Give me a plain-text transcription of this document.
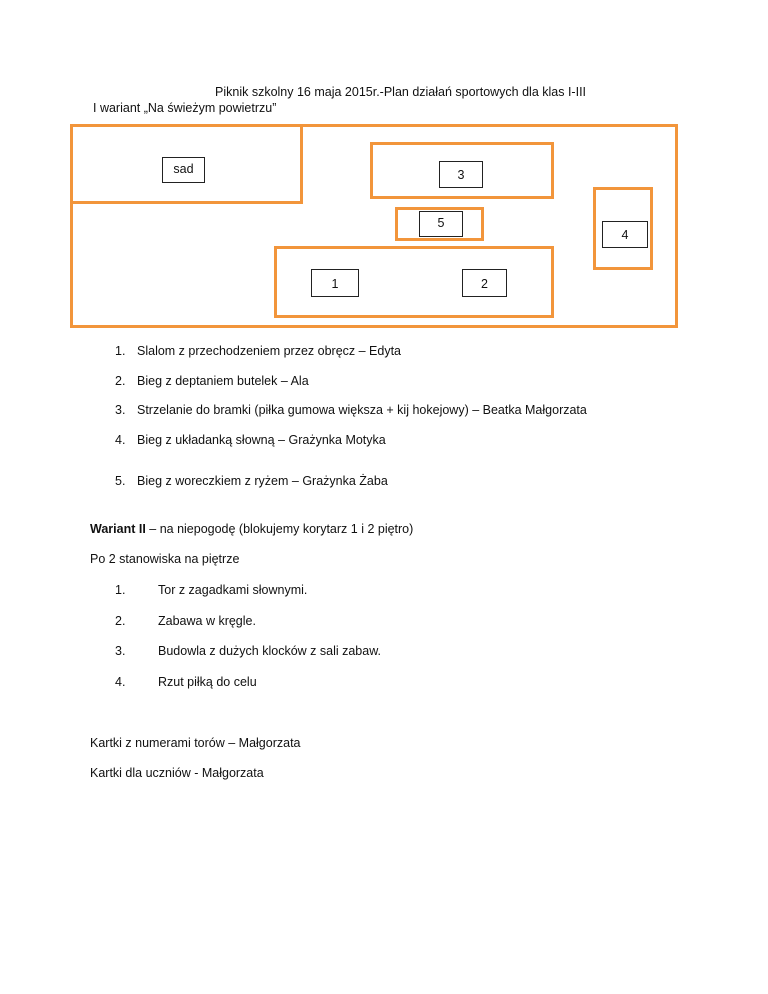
Piknik szkolny 16 maja 2015r.-Plan działań sportowych dla klas I-III
I wariant „Na świeżym powietrzu”
sad	3
5
4
1	2
1. Slalom z przechodzeniem przez obręcz – Edyta
2. Bieg z deptaniem butelek – Ala
3. Strzelanie do bramki (piłka gumowa większa + kij hokejowy) – Beatka Małgorzata
4. Bieg z układanką słowną – Grażynka Motyka
5. Bieg z woreczkiem z ryżem – Grażynka Żaba
Wariant II – na niepogodę (blokujemy korytarz 1 i 2 piętro)
Po 2 stanowiska na piętrze
1.	Tor z zagadkami słownymi.
2.	Zabawa w kręgle.
3.	Budowla z dużych klocków z sali zabaw.
4.	Rzut piłką do celu
Kartki z numerami torów – Małgorzata
Kartki dla uczniów - Małgorzata
